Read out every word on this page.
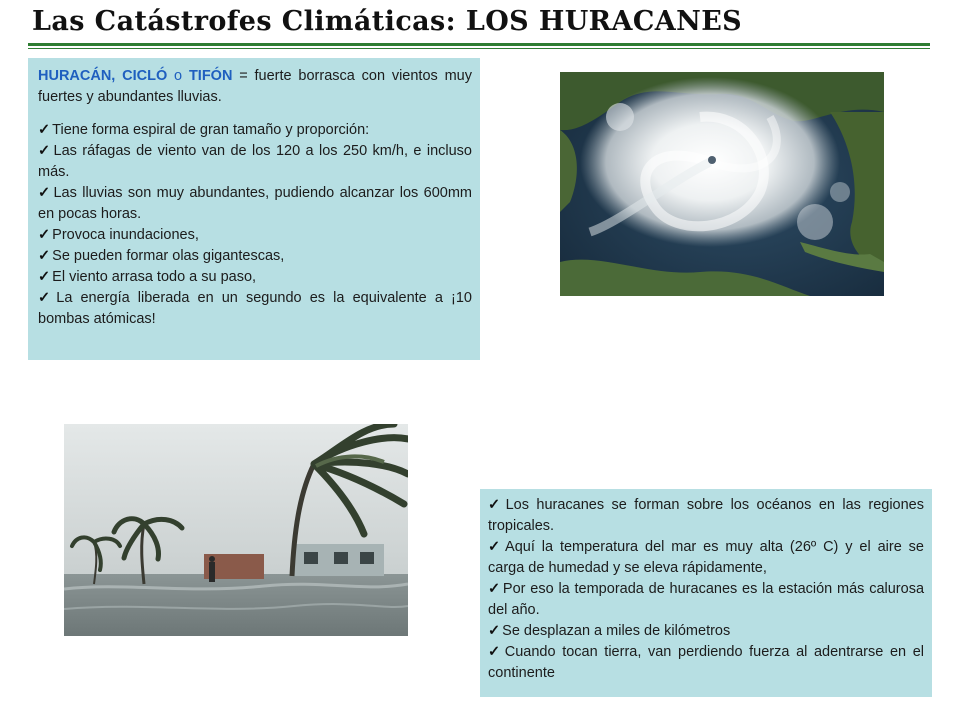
Las Catástrofes Climáticas: LOS HURACANES

HURACÁN, CICLÓ o TIFÓN = fuerte borrasca con vientos muy fuertes y abundantes lluvias.

✓ Tiene forma espiral de gran tamaño y proporción:
✓ Las ráfagas de viento van de los 120 a los 250 km/h, e incluso más.
✓ Las lluvias son muy abundantes, pudiendo alcanzar los 600mm en pocas horas.
✓ Provoca inundaciones,
✓ Se pueden formar olas gigantescas,
✓ El viento arrasa todo a su paso,
✓ La energía liberada en un segundo es la equivalente a ¡10 bombas atómicas!
✓ Los huracanes se forman sobre los océanos en las regiones tropicales.
✓ Aquí la temperatura del mar es muy alta (26º C) y el aire se carga de humedad y se eleva rápidamente,
✓ Por eso la temporada de huracanes es la estación más calurosa del año.
✓ Se desplazan a miles de kilómetros
✓ Cuando tocan tierra, van perdiendo fuerza al adentrarse en el continente
